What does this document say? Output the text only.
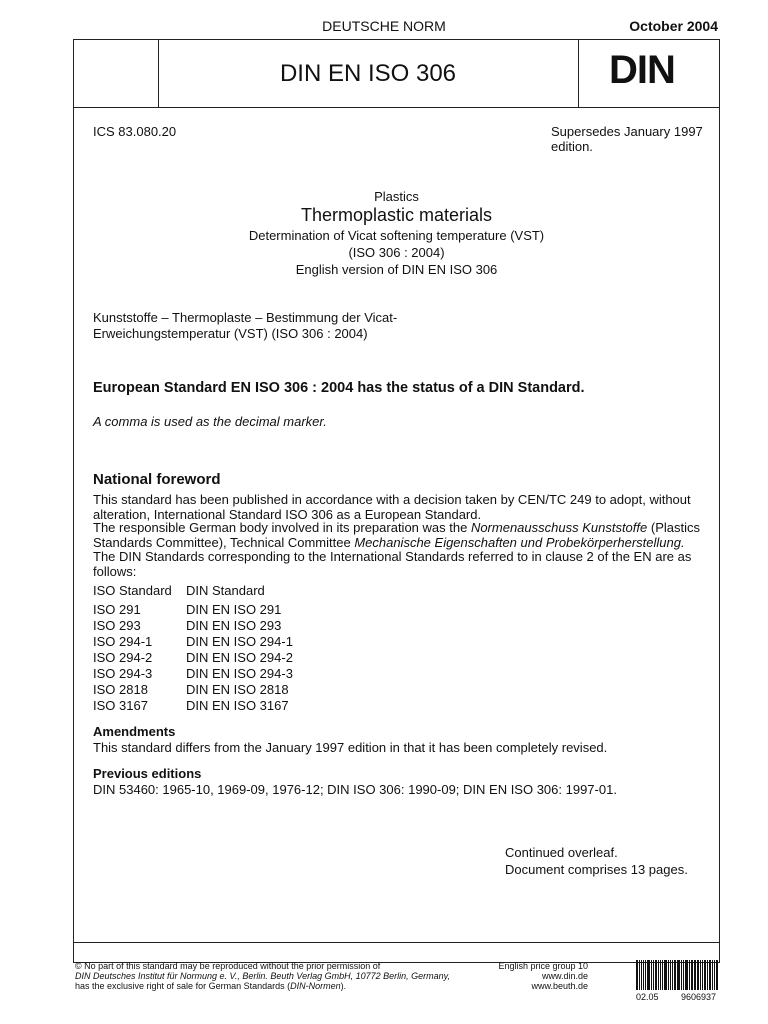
DEUTSCHE NORM	October 2004
DIN EN ISO 306	DIN
ICS 83.080.20	Supersedes January 1997
edition.
Plastics
Thermoplastic materials
Determination of Vicat softening temperature (VST)
(ISO 306 : 2004)
English version of DIN EN ISO 306
Kunststoffe – Thermoplaste – Bestimmung der Vicat-
Erweichungstemperatur (VST) (ISO 306 : 2004)
European Standard EN ISO 306 : 2004 has the status of a DIN Standard.
A comma is used as the decimal marker.
National foreword
This standard has been published in accordance with a decision taken by CEN/TC 249 to adopt, without alteration, International Standard ISO 306 as a European Standard.
The responsible German body involved in its preparation was the Normenausschuss Kunststoffe (Plastics Standards Committee), Technical Committee Mechanische Eigenschaften und Probekörperherstellung.
The DIN Standards corresponding to the International Standards referred to in clause 2 of the EN are as follows:
ISO Standard DIN Standard
ISO 291	DIN EN ISO 291
ISO 293	DIN EN ISO 293
ISO 294-1	DIN EN ISO 294-1
ISO 294-2	DIN EN ISO 294-2
ISO 294-3	DIN EN ISO 294-3
ISO 2818	DIN EN ISO 2818
ISO 3167	DIN EN ISO 3167
Amendments
This standard differs from the January 1997 edition in that it has been completely revised.
Previous editions
DIN 53460: 1965-10, 1969-09, 1976-12; DIN ISO 306: 1990-09; DIN EN ISO 306: 1997-01.
Continued overleaf.
Document comprises 13 pages.
© No part of this standard may be reproduced without the prior permission of
DIN Deutsches Institut für Normung e. V., Berlin. Beuth Verlag GmbH, 10772 Berlin, Germany,
has the exclusive right of sale for German Standards (DIN-Normen).
English price group 10
www.din.de
www.beuth.de
02.05 9606937
